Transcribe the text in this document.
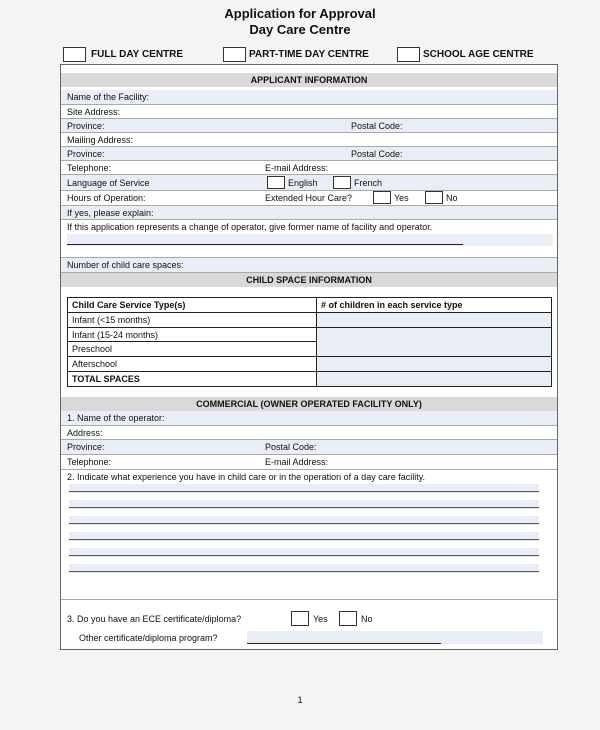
Application for Approval
Day Care Centre
FULL DAY CENTRE	PART-TIME DAY CENTRE	SCHOOL AGE CENTRE
APPLICANT INFORMATION
Name of the Facility:
Site Address:
Province:	Postal Code:
Mailing Address:
Province:	Postal Code:
Telephone:	E-mail Address:
Language of Service	English	French
Hours of Operation:	Extended Hour Care?	Yes	No
If yes, please explain:
If this application represents a change of operator, give former name of facility and operator.
Number of child care spaces:
CHILD SPACE INFORMATION
Child Care Service Type(s)	# of children in each service type
Infant (<15 months)
Infant (15-24 months)
Preschool
Afterschool
TOTAL SPACES
COMMERCIAL (OWNER OPERATED FACILITY ONLY)
1. Name of the operator:
Address:
Province:	Postal Code:
Telephone:	E-mail Address:
2. Indicate what experience you have in child care or in the operation of a day care facility.
3. Do you have an ECE certificate/diploma?	Yes	No
Other certificate/diploma program?
1
